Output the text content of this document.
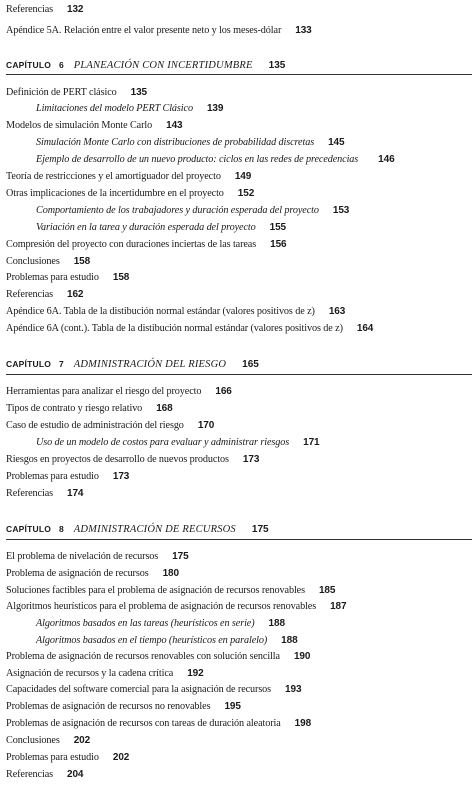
Referencias 132
Apéndice 5A. Relación entre el valor presente neto y los meses-dólar 133
CAPÍTULO 6 PLANEACIÓN CON INCERTIDUMBRE 135
Definición de PERT clásico 135
Limitaciones del modelo PERT Clásico 139
Modelos de simulación Monte Carlo 143
Simulación Monte Carlo con distribuciones de probabilidad discretas 145
Ejemplo de desarrollo de un nuevo producto: ciclos en las redes de precedencias 146
Teoría de restricciones y el amortiguador del proyecto 149
Otras implicaciones de la incertidumbre en el proyecto 152
Comportamiento de los trabajadores y duración esperada del proyecto 153
Variación en la tarea y duración esperada del proyecto 155
Compresión del proyecto con duraciones inciertas de las tareas 156
Conclusiones 158
Problemas para estudio 158
Referencias 162
Apéndice 6A. Tabla de la distibución normal estándar (valores positivos de z) 163
Apéndice 6A (cont.). Tabla de la distibución normal estándar (valores positivos de z) 164
CAPÍTULO 7 ADMINISTRACIÓN DEL RIESGO 165
Herramientas para analizar el riesgo del proyecto 166
Tipos de contrato y riesgo relativo 168
Caso de estudio de administración del riesgo 170
Uso de un modelo de costos para evaluar y administrar riesgos 171
Riesgos en proyectos de desarrollo de nuevos productos 173
Problemas para estudio 173
Referencias 174
CAPÍTULO 8 ADMINISTRACIÓN DE RECURSOS 175
El problema de nivelación de recursos 175
Problema de asignación de recursos 180
Soluciones factibles para el problema de asignación de recursos renovables 185
Algoritmos heurísticos para el problema de asignación de recursos renovables 187
Algoritmos basados en las tareas (heurísticos en serie) 188
Algoritmos basados en el tiempo (heurísticos en paralelo) 188
Problema de asignación de recursos renovables con solución sencilla 190
Asignación de recursos y la cadena crítica 192
Capacidades del software comercial para la asignación de recursos 193
Problemas de asignación de recursos no renovables 195
Problemas de asignación de recursos con tareas de duración aleatoria 198
Conclusiones 202
Problemas para estudio 202
Referencias 204
